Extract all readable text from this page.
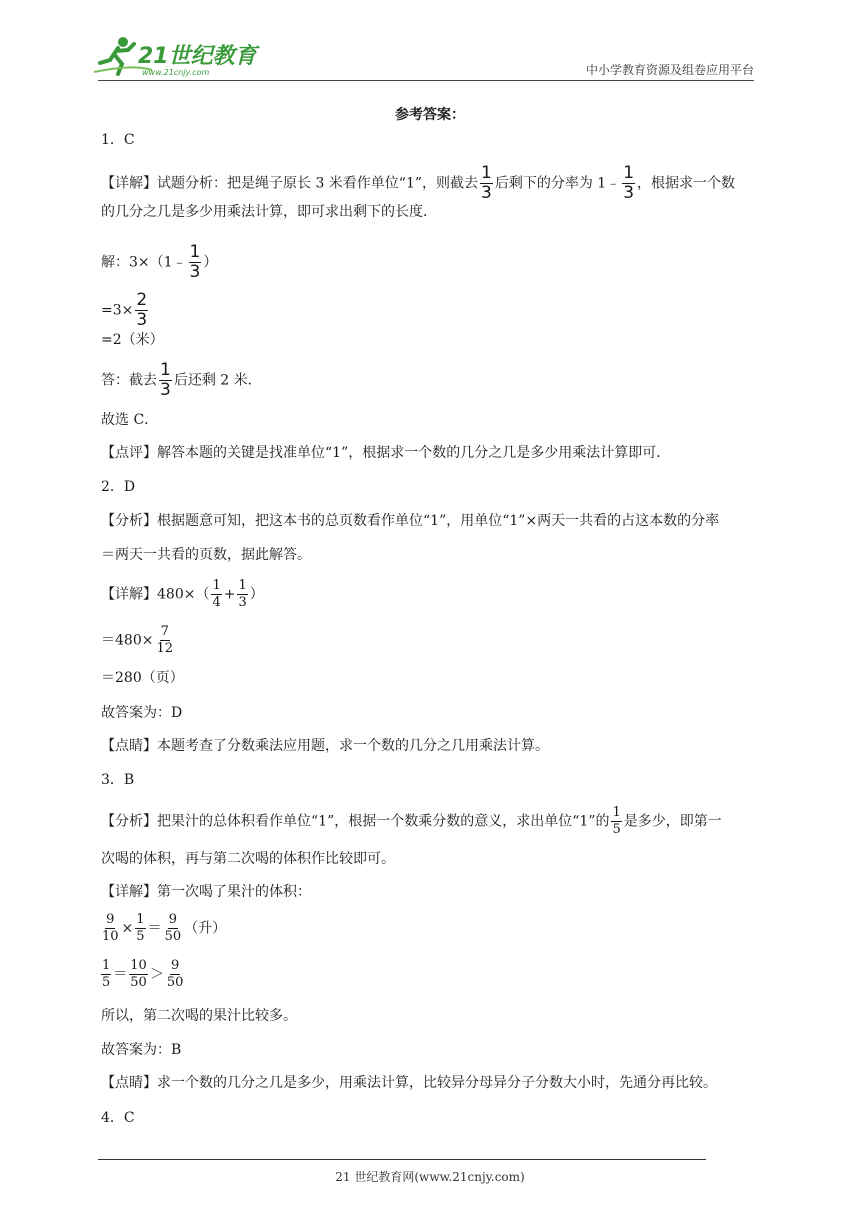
21世纪教育
www.21cnjy.com	中小学教育资源及组卷应用平台
参考答案：
1．C
【详解】试题分析：把是绳子原长 3 米看作单位“1”，则截去 $\frac{1}{3}$ 后剩下的分率为 1﹣ $\frac{1}{3}$ ，根据求一个数
的几分之几是多少用乘法计算，即可求出剩下的长度．
解：3×（1﹣ $\frac{1}{3}$ ）
$=3\times \frac{2}{3}$
=2（米）
答：截去 $\frac{1}{3}$ 后还剩 2 米．
故选 C．
【点评】解答本题的关键是找准单位“1”，根据求一个数的几分之几是多少用乘法计算即可．
2．D
【分析】根据题意可知，把这本书的总页数看作单位“1”，用单位“1”×两天一共看的占这本数的分率
＝两天一共看的页数，据此解答。
【详解】$480\times( \frac{1}{4} + \frac{1}{3}$ ）
$=480\times \frac{7}{12}$
＝280（页）
故答案为：D
【点睛】本题考查了分数乘法应用题，求一个数的几分之几用乘法计算。
3．B
【分析】把果汁的总体积看作单位“1”，根据一个数乘分数的意义，求出单位“1”的 $\frac{1}{5}$ 是多少，即第一
次喝的体积，再与第二次喝的体积作比较即可。
【详解】第一次喝了果汁的体积：
$\frac{9}{10} \times \frac{1}{5} = \frac{9}{50}$ （升）
$\frac{1}{5} = \frac{10}{50} > \frac{9}{50}$
所以，第二次喝的果汁比较多。
故答案为：B
【点睛】求一个数的几分之几是多少，用乘法计算，比较异分母异分子分数大小时，先通分再比较。
4．C
21 世纪教育网(www.21cnjy.com)
